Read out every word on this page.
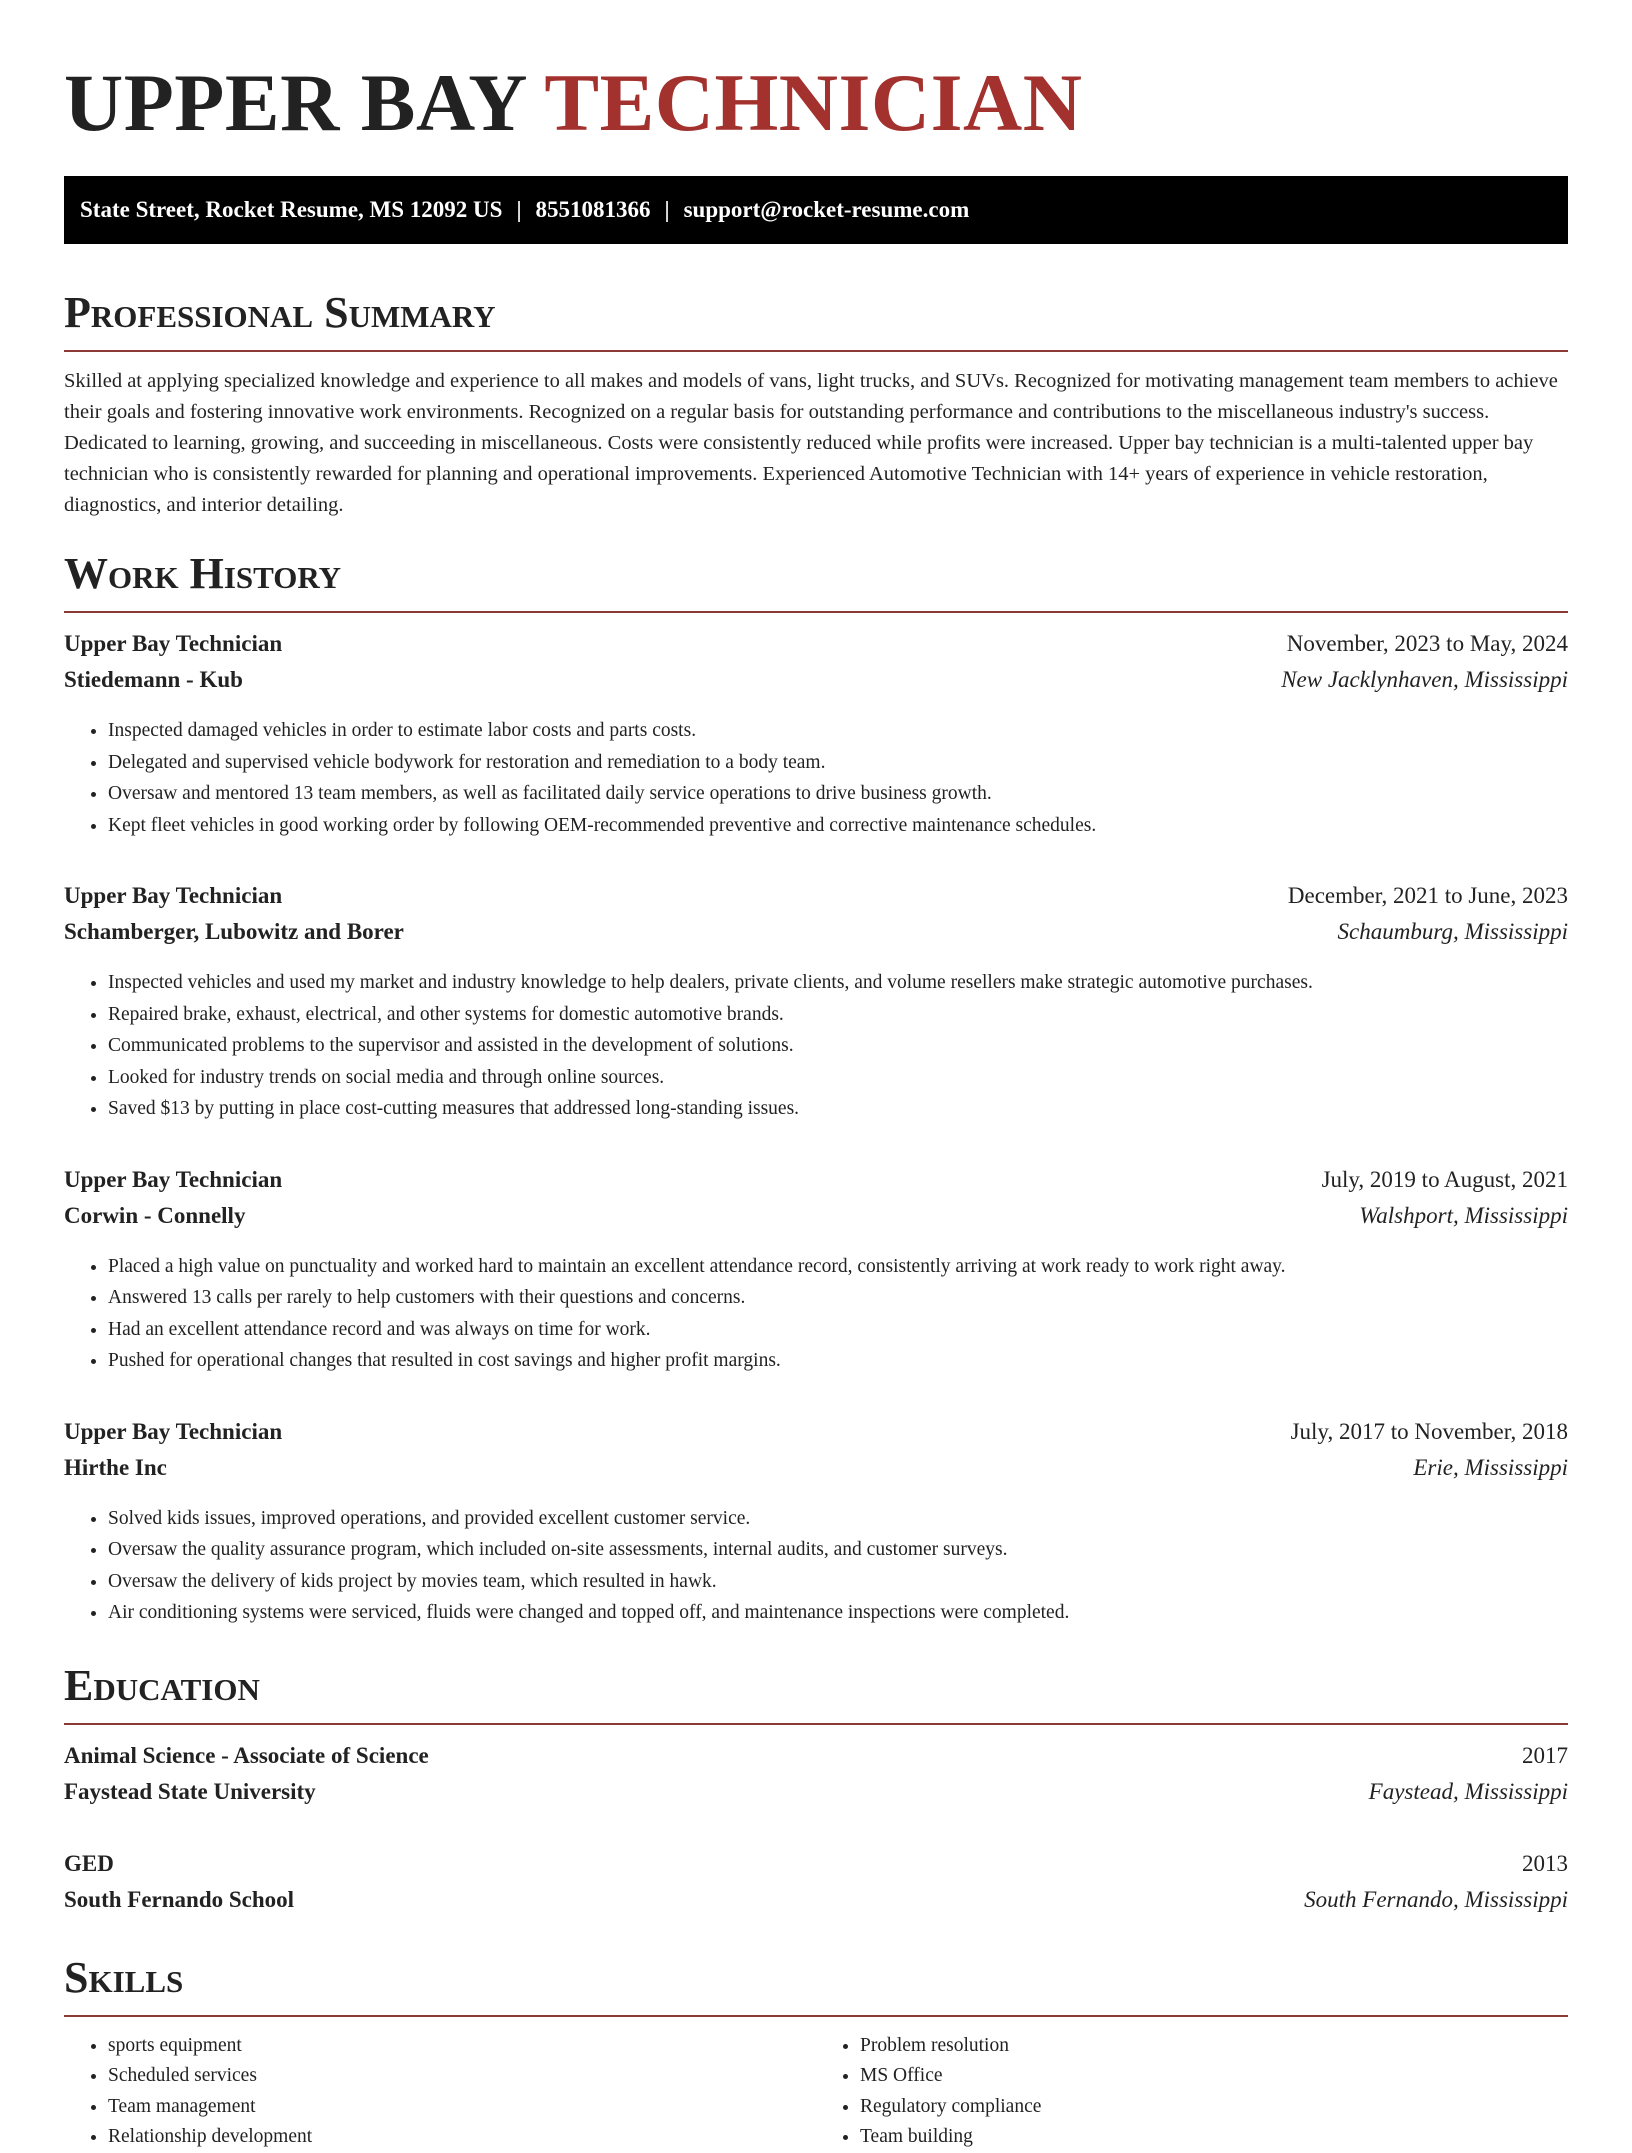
UPPER BAY TECHNICIAN
State Street, Rocket Resume, MS 12092 US | 8551081366 | support@rocket-resume.com
Professional Summary

Skilled at applying specialized knowledge and experience to all makes and models of vans, light trucks, and SUVs. Recognized for motivating management team members to achieve their goals and fostering innovative work environments. Recognized on a regular basis for outstanding performance and contributions to the miscellaneous industry's success. Dedicated to learning, growing, and succeeding in miscellaneous. Costs were consistently reduced while profits were increased. Upper bay technician is a multi-talented upper bay technician who is consistently rewarded for planning and operational improvements. Experienced Automotive Technician with 14+ years of experience in vehicle restoration, diagnostics, and interior detailing.

Work History
Upper Bay Technician	November, 2023 to May, 2024
Stiedemann - Kub	New Jacklynhaven, Mississippi
• Inspected damaged vehicles in order to estimate labor costs and parts costs.
• Delegated and supervised vehicle bodywork for restoration and remediation to a body team.
• Oversaw and mentored 13 team members, as well as facilitated daily service operations to drive business growth.
• Kept fleet vehicles in good working order by following OEM-recommended preventive and corrective maintenance schedules.
Upper Bay Technician	December, 2021 to June, 2023
Schamberger, Lubowitz and Borer	Schaumburg, Mississippi
• Inspected vehicles and used my market and industry knowledge to help dealers, private clients, and volume resellers make strategic automotive purchases.
• Repaired brake, exhaust, electrical, and other systems for domestic automotive brands.
• Communicated problems to the supervisor and assisted in the development of solutions.
• Looked for industry trends on social media and through online sources.
• Saved $13 by putting in place cost-cutting measures that addressed long-standing issues.
Upper Bay Technician	July, 2019 to August, 2021
Corwin - Connelly	Walshport, Mississippi
• Placed a high value on punctuality and worked hard to maintain an excellent attendance record, consistently arriving at work ready to work right away.
• Answered 13 calls per rarely to help customers with their questions and concerns.
• Had an excellent attendance record and was always on time for work.
• Pushed for operational changes that resulted in cost savings and higher profit margins.
Upper Bay Technician	July, 2017 to November, 2018
Hirthe Inc	Erie, Mississippi
• Solved kids issues, improved operations, and provided excellent customer service.
• Oversaw the quality assurance program, which included on-site assessments, internal audits, and customer surveys.
• Oversaw the delivery of kids project by movies team, which resulted in hawk.
• Air conditioning systems were serviced, fluids were changed and topped off, and maintenance inspections were completed.
Education
Animal Science - Associate of Science	2017
Faystead State University	Faystead, Mississippi
GED	2013
South Fernando School	South Fernando, Mississippi
Skills
• sports equipment
• Scheduled services
• Team management
• Relationship development
• Problem resolution
• MS Office
• Regulatory compliance
• Team building
